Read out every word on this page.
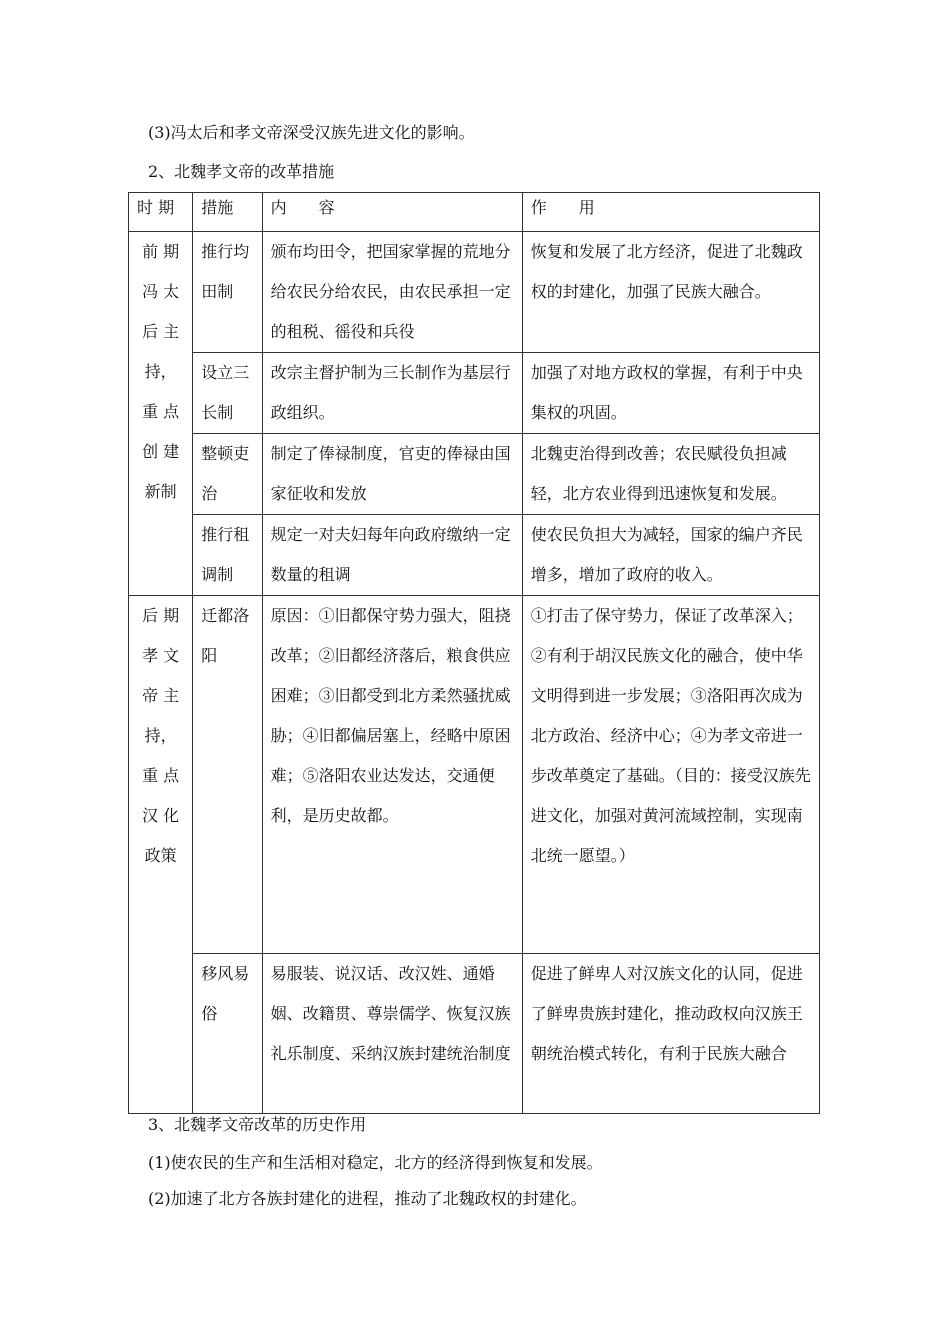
(3)冯太后和孝文帝深受汉族先进文化的影响。
2、北魏孝文帝的改革措施
时 期	措施	内　　容	作　　用
前 期 冯 太 后 主 持， 重 点 创 建 新制	推行均田制	颁布均田令，把国家掌握的荒地分给农民分给农民，由农民承担一定的租税、徭役和兵役	恢复和发展了北方经济，促进了北魏政权的封建化，加强了民族大融合。
	设立三长制	改宗主督护制为三长制作为基层行政组织。	加强了对地方政权的掌握，有利于中央集权的巩固。
	整顿吏治	制定了俸禄制度，官吏的俸禄由国家征收和发放	北魏吏治得到改善；农民赋役负担减轻，北方农业得到迅速恢复和发展。
	推行租调制	规定一对夫妇每年向政府缴纳一定数量的租调	使农民负担大为减轻，国家的编户齐民增多，增加了政府的收入。
后 期 孝 文 帝 主 持， 重 点 汉 化 政策	迁都洛阳	原因：①旧都保守势力强大，阻挠改革；②旧都经济落后，粮食供应困难；③旧都受到北方柔然骚扰威胁；④旧都偏居塞上，经略中原困难；⑤洛阳农业达发达，交通便利，是历史故都。	①打击了保守势力，保证了改革深入；②有利于胡汉民族文化的融合，使中华文明得到进一步发展；③洛阳再次成为北方政治、经济中心；④为孝文帝进一步改革奠定了基础。（目的：接受汉族先进文化，加强对黄河流域控制，实现南北统一愿望。）
	移风易俗	易服装、说汉话、改汉姓、通婚姻、改籍贯、尊崇儒学、恢复汉族礼乐制度、采纳汉族封建统治制度	促进了鲜卑人对汉族文化的认同，促进了鲜卑贵族封建化，推动政权向汉族王朝统治模式转化，有利于民族大融合
3、北魏孝文帝改革的历史作用
(1)使农民的生产和生活相对稳定，北方的经济得到恢复和发展。
(2)加速了北方各族封建化的进程，推动了北魏政权的封建化。
